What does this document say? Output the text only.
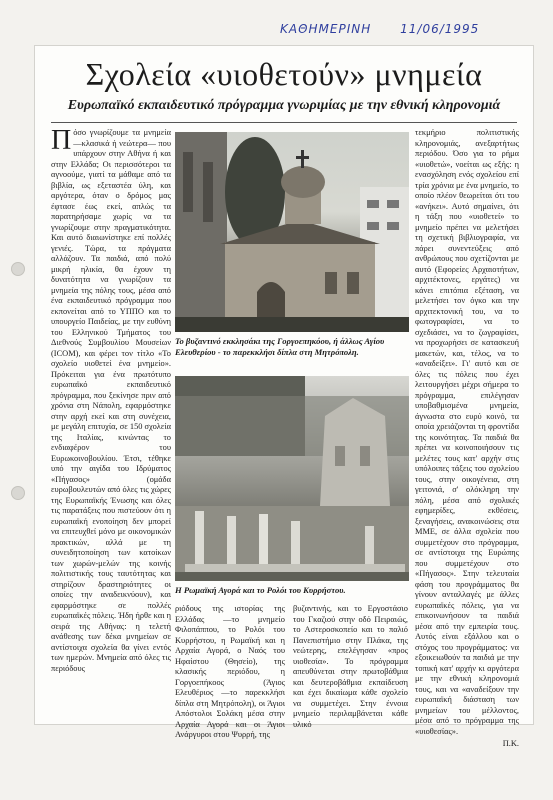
ΚΑΘΗΜΕΡΙΝΗ 11/06/1995
Σχολεία «υιοθετούν» μνημεία
Ευρωπαϊκό εκπαιδευτικό πρόγραμμα γνωριμίας με την εθνική κληρονομιά
Π όσο γνωρίζουμε τα μνημεία —κλασικά ή νεώτερα— που υπάρχουν στην Αθήνα ή και στην Ελλάδα; Οι περισσότεροι τα αγνοούμε, γιατί τα μάθαμε από τα βιβλία, ως εξεταστέα ύλη, και αργότερα, όταν ο δρόμος μας έφτασε έως εκεί, απλώς τα παρατηρήσαμε χωρίς να τα γνωρίζουμε στην πραγματικότητα. Και αυτό διαιωνίστηκε επί πολλές γενιές. Τώρα, τα πράγματα αλλάζουν. Τα παιδιά, από πολύ μικρή ηλικία, θα έχουν τη δυνατότητα να γνωρίζουν τα μνημεία της πόλης τους, μέσα από ένα εκπαιδευτικό πρόγραμμα που εκπονείται από το ΥΠΠΟ και το υπουργείο Παιδείας, με την ευθύνη του Ελληνικού Τμήματος του Διεθνούς Συμβουλίου Μουσείων (ICOM), και φέρει τον τίτλο «Το σχολείο υιοθετεί ένα μνημείο». Πρόκειται για ένα πρωτότυπο ευρωπαϊκό εκπαιδευτικό πρόγραμμα, που ξεκίνησε πριν από χρόνια στη Νάπολη, εφαρμόστηκε στην αρχή εκεί και στη συνέχεια, με μεγάλη επιτυχία, σε 150 σχολεία της Ιταλίας, κινώντας το ενδιαφέρον του Ευρωκοινοβουλίου. Έτσι, τέθηκε υπό την αιγίδα του Ιδρύματος «Πήγασος» (ομάδα ευρωβουλευτών από όλες τις χώρες της Ευρωπαϊκής Ένωσης και όλες τις παρατάξεις που πιστεύουν ότι η ευρωπαϊκή ενοποίηση δεν μπορεί να επιτευχθεί μόνο με οικονομικών πρακτικών, αλλά με τη συνειδητοποίηση των κατοίκων των χωρών-μελών της κοινής πολιτιστικής τους ταυτότητας και στηρίζουν δραστηριότητες οι οποίες την αναδεικνύουν), και εφαρμόστηκε σε πολλές ευρωπαϊκές πόλεις. Ήδη ήρθε και η σειρά της Αθήνας: η τελετή ανάθεσης των δέκα μνημείων σε αντίστοιχα σχολεία θα γίνει εντός των ημερών. Μνημεία από όλες τις περιόδους

Το βυζαντινό εκκλησάκι της Γοργοεπηκόου, ή άλλως Αγίου Ελευθερίου - το παρεκκλήσι δίπλα στη Μητρόπολη.

Η Ρωμαϊκή Αγορά και το Ρολόι του Κυρρήστου.

ριόδους της ιστορίας της Ελλάδας —το μνημείο Φιλοπάππου, το Ρολόι του Κυρρήστου, η Ρωμαϊκή και η Αρχαία Αγορά, ο Ναός του Ηφαίστου (Θησείο), της κλασικής περιόδου, η Γοργοεπήκοος (Άγιος Ελευθέριος —το παρεκκλήσι δίπλα στη Μητρόπολη), οι Άγιοι Απόστολοι Σολάκη μέσα στην Αρχαία Αγορά και οι Άγιοι Ανάργυροι στου Ψυρρή, της

βυζαντινής, και το Εργοστάσιο του Γκαζιού στην οδό Πειραιώς, το Αστεροσκοπείο και το παλιό Πανεπιστήμιο στην Πλάκα, της νεώτερης, επελέγησαν «προς υιοθεσία». Το πρόγραμμα απευθύνεται στην πρωτοβάθμια και δευτεροβάθμια εκπαίδευση και έχει δικαίωμα κάθε σχολείο να συμμετέχει. Στην έννοια μνημείο περιλαμβάνεται κάθε υλικό

τεκμήριο πολιτιστικής κληρονομιάς, ανεξαρτήτως περιόδου. Όσο για το ρήμα «υιοθετώ», νοείται ως εξής: η ενασχόληση ενός σχολείου επί τρία χρόνια με ένα μνημείο, το οποίο πλέον θεωρείται ότι του «ανήκει». Αυτό σημαίνει, ότι η τάξη που «υιοθετεί» το μνημείο πρέπει να μελετήσει τη σχετική βιβλιογραφία, να πάρει συνεντεύξεις από ανθρώπους που σχετίζονται με αυτό (Εφορείες Αρχαιοτήτων, αρχιτέκτονες, εργάτες) να κάνει επιτόπια εξέταση, να μελετήσει τον όγκο και την αρχιτεκτονική του, να το φωτογραφίσει, να το σχεδιάσει, να το ζωγραφίσει, να προχωρήσει σε κατασκευή μακετών, και, τέλος, να το «αναδείξει». Γι' αυτό και σε όλες τις πόλεις που έχει λειτουργήσει μέχρι σήμερα το πρόγραμμα, επιλέγησαν υποβαθμισμένα μνημεία, άγνωστα στο ευρύ κοινό, τα οποία χρειάζονται τη φροντίδα της κοινότητας. Τα παιδιά θα πρέπει να κοινοποιήσουν τις μελέτες τους κατ' αρχήν στις υπόλοιπες τάξεις του σχολείου τους, στην οικογένεια, στη γειτονιά, σ' ολόκληρη την πόλη, μέσα από σχολικές εφημερίδες, εκθέσεις, ξεναγήσεις, ανακοινώσεις στα ΜΜΕ, σε άλλα σχολεία που συμμετέχουν στο πρόγραμμα, σε αντίστοιχα της Ευρώπης που συμμετέχουν στο «Πήγασος». Στην τελευταία φάση του προγράμματος θα γίνουν ανταλλαγές με άλλες ευρωπαϊκές πόλεις, για να επικοινωνήσουν τα παιδιά μέσα από την εμπειρία τους. Αυτός είναι εξάλλου και ο στόχος του προγράμματος: να εξοικειωθούν τα παιδιά με την τοπική κατ' αρχήν κι αργότερα με την εθνική κληρονομιά τους, και να «αναδείξουν την ευρωπαϊκή διάσταση των μνημείων του μέλλοντος, μέσα από το πρόγραμμα της «υιοθεσίας».

Π.Κ.
